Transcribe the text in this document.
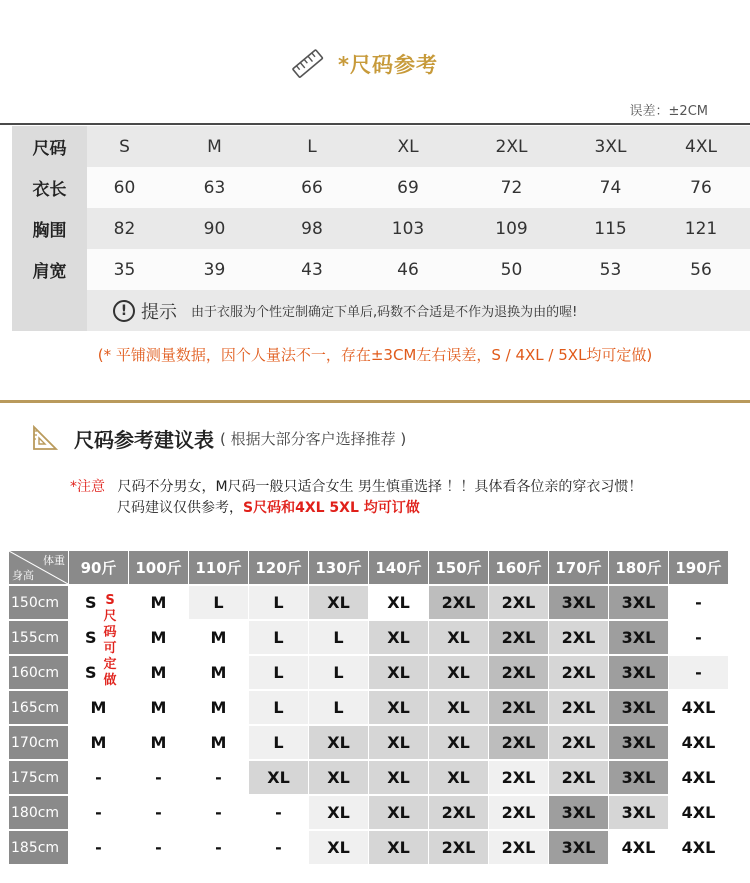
*尺码参考
误差：±2CM
尺码	S	M	L	XL	2XL	3XL	4XL
衣长	60	63	66	69	72	74	76
胸围	82	90	98	103	109	115	121
肩宽	35	39	43	46	50	53	56
! 提示 由于衣服为个性定制确定下单后,码数不合适是不作为退换为由的喔!
(* 平铺测量数据，因个人量法不一，存在±3CM左右误差，S / 4XL / 5XL均可定做)
尺码参考建议表 ( 根据大部分客户选择推荐 )
*注意 尺码不分男女，M尺码一般只适合女生 男生慎重选择 ！！具体看各位亲的穿衣习惯！
尺码建议仅供参考，S尺码和4XL 5XL 均可订做
体重
身高	90斤	100斤 110斤 120斤 130斤 140斤 150斤 160斤 170斤 180斤 190斤
150cm	S	M	L	L	XL	XL	2XL	2XL	3XL	3XL	-
155cm	S	M	M	L	L	XL	XL	2XL	2XL	3XL	-
160cm	S	M	M	L	L	XL	XL	2XL	2XL	3XL	-
165cm	M	M	M	L	L	XL	XL	2XL	2XL	3XL	4XL
170cm	M	M	M	L	XL	XL	XL	2XL	2XL	3XL	4XL
175cm	-	-	-	XL	XL	XL	XL	2XL	2XL	3XL	4XL
180cm	-	-	-	-	XL	XL	2XL	2XL	3XL	3XL	4XL
185cm	-	-	-	-	XL	XL	2XL	2XL	3XL	4XL	4XL
S尺码可定做
